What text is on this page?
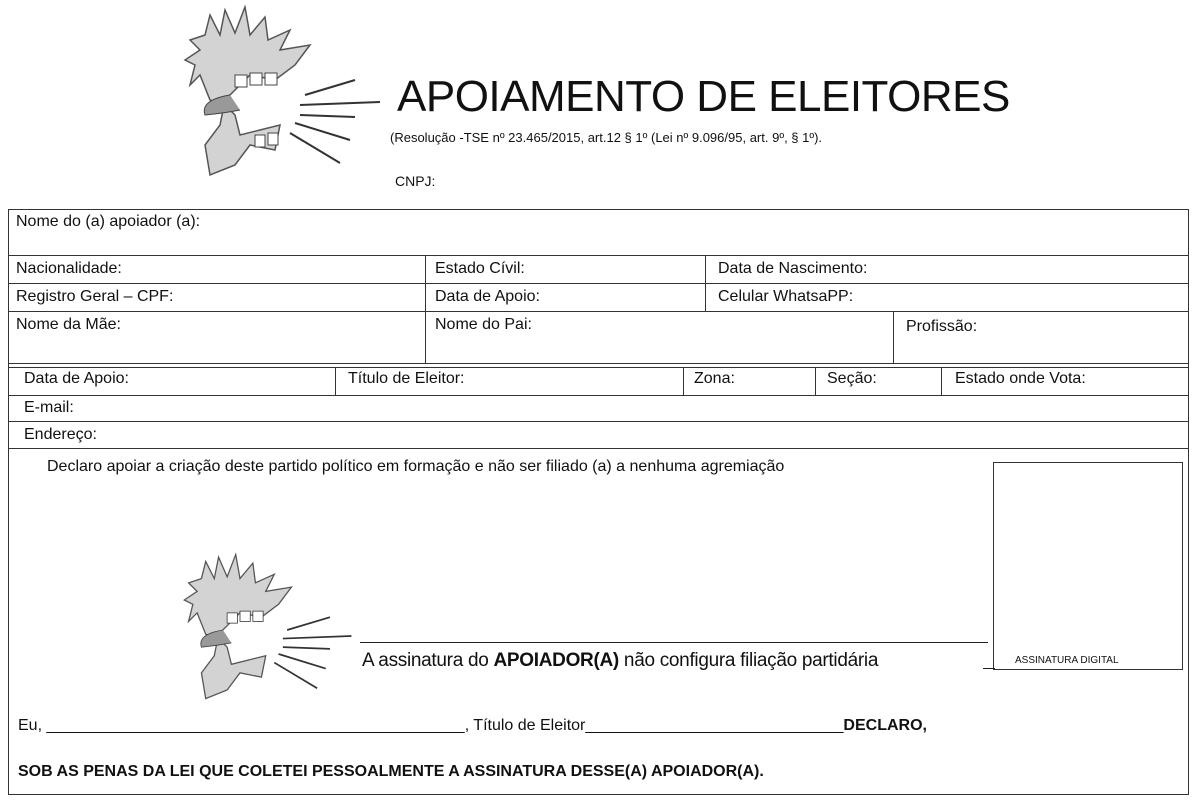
APOIAMENTO DE ELEITORES
(Resolução -TSE nº 23.465/2015, art.12 § 1º (Lei nº 9.096/95, art. 9º, § 1º).
CNPJ:
Nome do (a) apoiador (a):
Nacionalidade:	Estado Cívil:	Data de Nascimento:
Registro Geral – CPF:	Data de Apoio:	Celular WhatsaPP:
Nome da Mãe:	Nome do Pai:	Profissão:
Data de Apoio:	Título de Eleitor:	Zona:	Seção:	Estado onde Vota:
E-mail:
Endereço:
Declaro apoiar a criação deste partido político em formação e não ser filiado (a) a nenhuma agremiação
ASSINATURA DIGITAL
A assinatura do APOIADOR(A) não configura filiação partidária
Eu, _______________________________________________, Título de Eleitor_____________________________DECLARO,
SOB AS PENAS DA LEI QUE COLETEI PESSOALMENTE A ASSINATURA DESSE(A) APOIADOR(A).
